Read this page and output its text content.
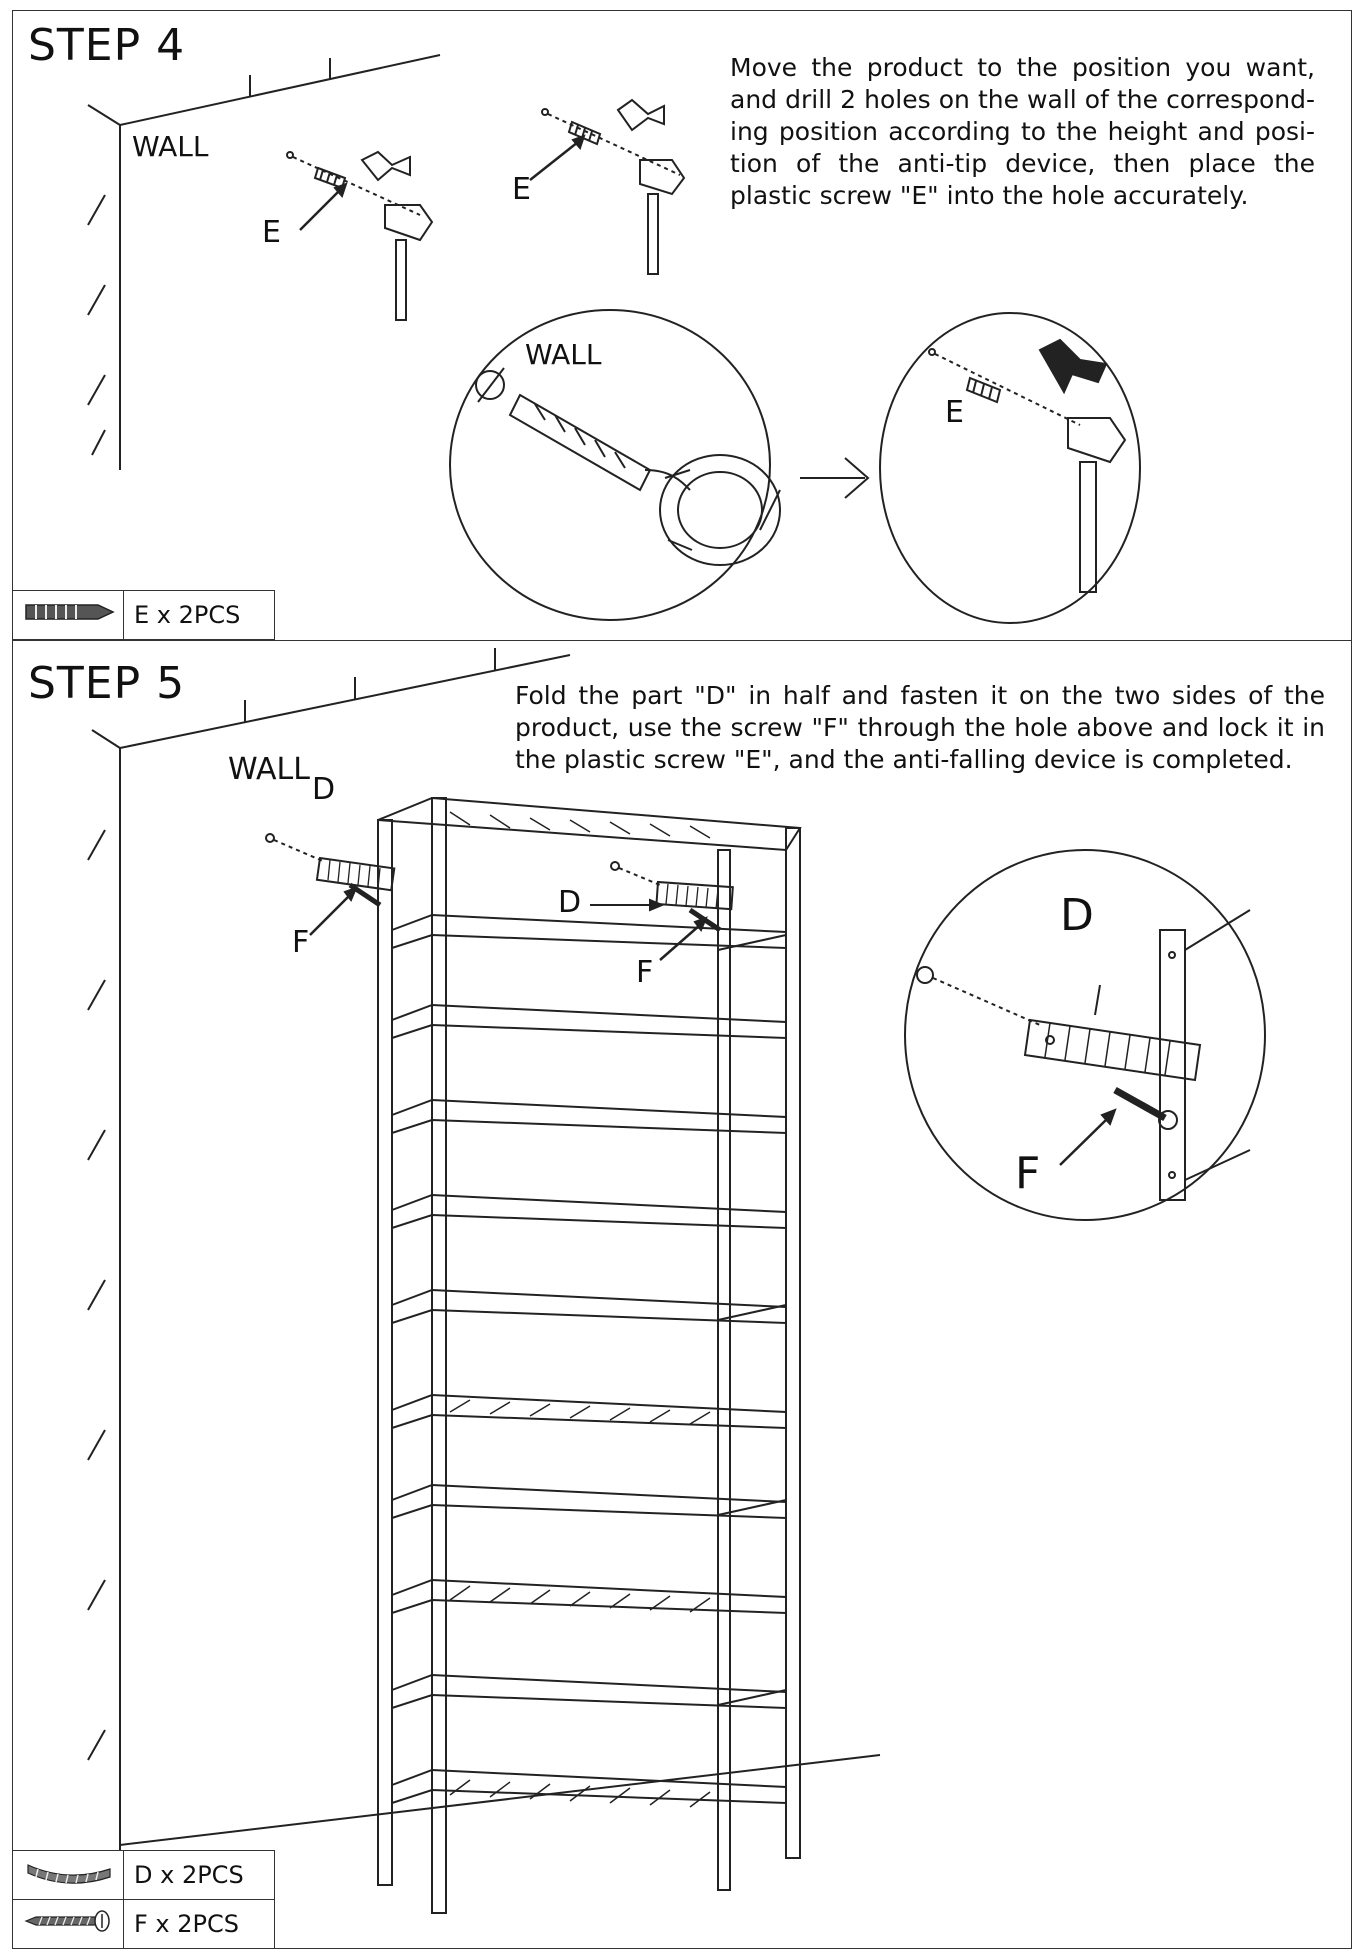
STEP 4	Move the product to the position you want, and drill 2 holes on the wall of the correspond-ing position according to the height and posi-tion of the anti-tip device, then place the plastic screw "E" into the hole accurately.
WALL
E
E
WALL
E
	E x 2PCS
STEP 5	Fold the part "D" in half and fasten it on the two sides of the product, use the screw "F" through the hole above and lock it in the plastic screw "E", and the anti-falling device is completed.
WALL
D
F
D
F
D
F
	D x 2PCS
	F x 2PCS
